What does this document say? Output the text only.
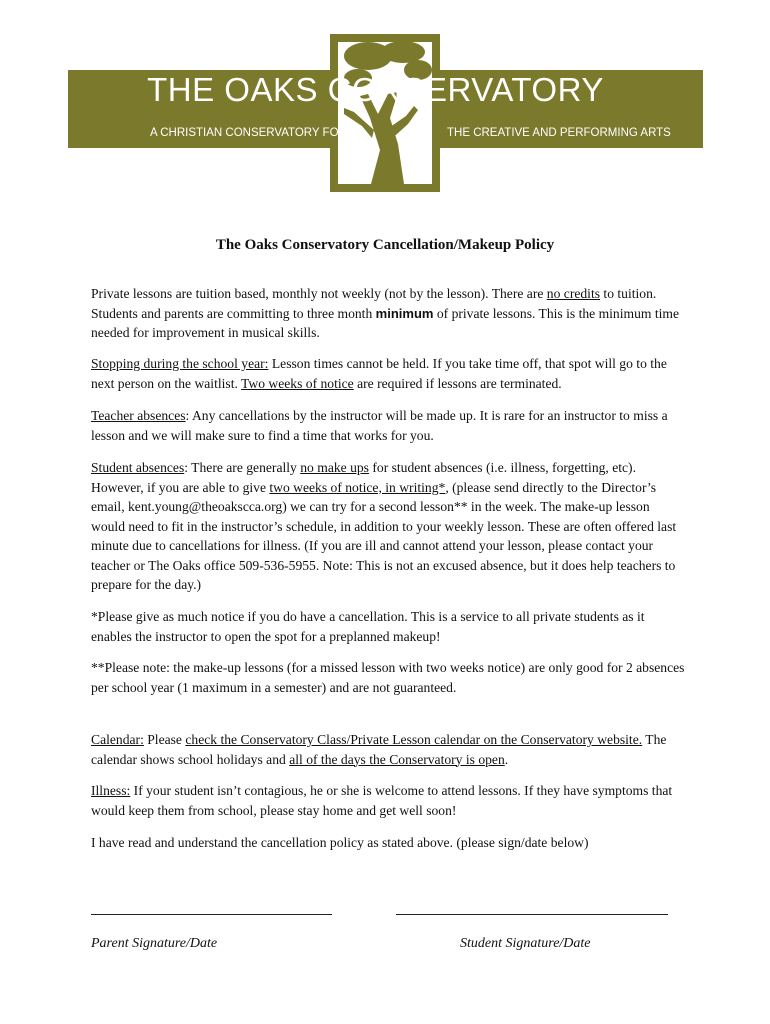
THE OAKS CONSERVATORY
A CHRISTIAN CONSERVATORY FOR	THE CREATIVE AND PERFORMING ARTS
The Oaks Conservatory Cancellation/Makeup Policy

Private lessons are tuition based, monthly not weekly (not by the lesson). There are no credits to tuition. Students and parents are committing to three month minimum of private lessons. This is the minimum time needed for improvement in musical skills.

Stopping during the school year: Lesson times cannot be held. If you take time off, that spot will go to the next person on the waitlist. Two weeks of notice are required if lessons are terminated.

Teacher absences: Any cancellations by the instructor will be made up. It is rare for an instructor to miss a lesson and we will make sure to find a time that works for you.

Student absences: There are generally no make ups for student absences (i.e. illness, forgetting, etc). However, if you are able to give two weeks of notice, in writing*, (please send directly to the Director’s email, kent.young@theoakscca.org) we can try for a second lesson** in the week. The make-up lesson would need to fit in the instructor’s schedule, in addition to your weekly lesson. These are often offered last minute due to cancellations for illness. (If you are ill and cannot attend your lesson, please contact your teacher or The Oaks office 509-536-5955. Note: This is not an excused absence, but it does help teachers to prepare for the day.)

*Please give as much notice if you do have a cancellation. This is a service to all private students as it enables the instructor to open the spot for a preplanned makeup!

**Please note: the make-up lessons (for a missed lesson with two weeks notice) are only good for 2 absences per school year (1 maximum in a semester) and are not guaranteed.

Calendar: Please check the Conservatory Class/Private Lesson calendar on the Conservatory website. The calendar shows school holidays and all of the days the Conservatory is open.

Illness: If your student isn’t contagious, he or she is welcome to attend lessons. If they have symptoms that would keep them from school, please stay home and get well soon!

I have read and understand the cancellation policy as stated above. (please sign/date below)

Parent Signature/Date	Student Signature/Date
